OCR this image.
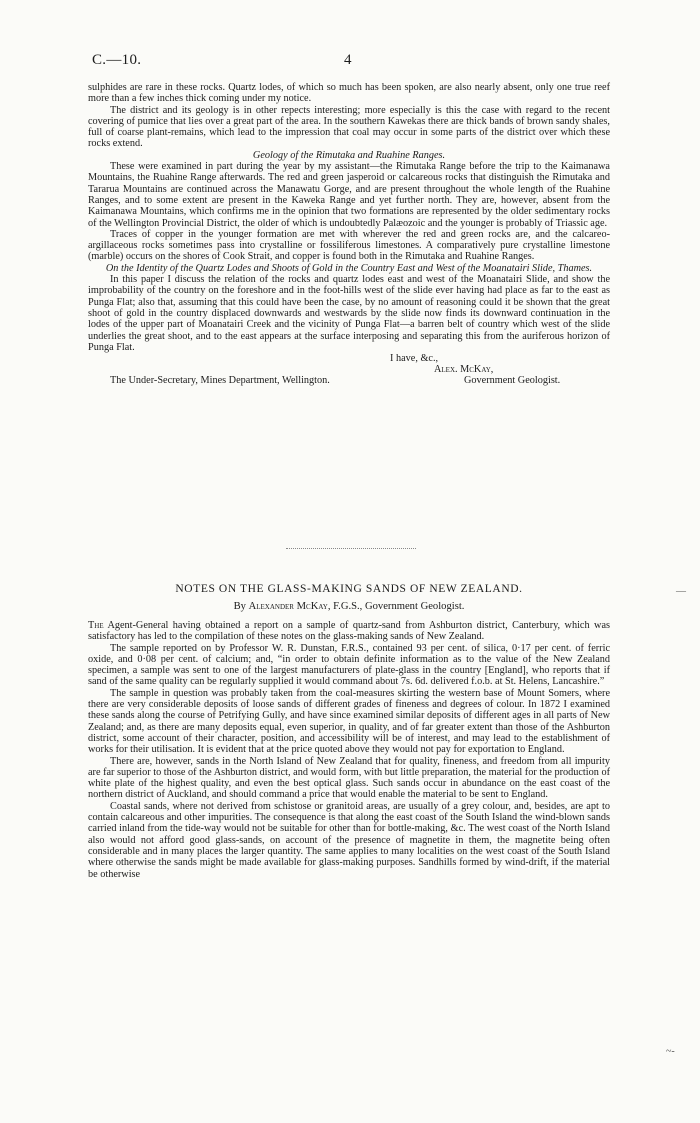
C.—10.	4

sulphides are rare in these rocks. Quartz lodes, of which so much has been spoken, are also nearly absent, only one true reef more than a few inches thick coming under my notice.

The district and its geology is in other repects interesting; more especially is this the case with regard to the recent covering of pumice that lies over a great part of the area. In the southern Kawekas there are thick bands of brown sandy shales, full of coarse plant-remains, which lead to the impression that coal may occur in some parts of the district over which these rocks extend.

Geology of the Rimutaka and Ruahine Ranges.

These were examined in part during the year by my assistant—the Rimutaka Range before the trip to the Kaimanawa Mountains, the Ruahine Range afterwards. The red and green jasperoid or calcareous rocks that distinguish the Rimutaka and Tararua Mountains are continued across the Manawatu Gorge, and are present throughout the whole length of the Ruahine Ranges, and to some extent are present in the Kaweka Range and yet further north. They are, however, absent from the Kaimanawa Mountains, which confirms me in the opinion that two formations are represented by the older sedimentary rocks of the Wellington Provincial District, the older of which is undoubtedly Palæozoic and the younger is probably of Triassic age.

Traces of copper in the younger formation are met with wherever the red and green rocks are, and the calcareo-argillaceous rocks sometimes pass into crystalline or fossiliferous limestones. A comparatively pure crystalline limestone (marble) occurs on the shores of Cook Strait, and copper is found both in the Rimutaka and Ruahine Ranges.

On the Identity of the Quartz Lodes and Shoots of Gold in the Country East and West of the Moanatairi Slide, Thames.

In this paper I discuss the relation of the rocks and quartz lodes east and west of the Moanatairi Slide, and show the improbability of the country on the foreshore and in the foot-hills west of the slide ever having had place as far to the east as Punga Flat; also that, assuming that this could have been the case, by no amount of reasoning could it be shown that the great shoot of gold in the country displaced downwards and westwards by the slide now finds its downward continuation in the lodes of the upper part of Moanatairi Creek and the vicinity of Punga Flat—a barren belt of country which west of the slide underlies the great shoot, and to the east appears at the surface interposing and separating this from the auriferous horizon of Punga Flat.

I have, &c.,
Alex. McKay,
The Under-Secretary, Mines Department, Wellington.	Government Geologist.
NOTES ON THE GLASS-MAKING SANDS OF NEW ZEALAND.
By Alexander McKay, F.G.S., Government Geologist.

The Agent-General having obtained a report on a sample of quartz-sand from Ashburton district, Canterbury, which was satisfactory has led to the compilation of these notes on the glass-making sands of New Zealand.

The sample reported on by Professor W. R. Dunstan, F.R.S., contained 93 per cent. of silica, 0·17 per cent. of ferric oxide, and 0·08 per cent. of calcium; and, “in order to obtain definite information as to the value of the New Zealand specimen, a sample was sent to one of the largest manufacturers of plate-glass in the country [England], who reports that if sand of the same quality can be regularly supplied it would command about 7s. 6d. delivered f.o.b. at St. Helens, Lancashire.”

The sample in question was probably taken from the coal-measures skirting the western base of Mount Somers, where there are very considerable deposits of loose sands of different grades of fineness and degrees of colour. In 1872 I examined these sands along the course of Petrifying Gully, and have since examined similar deposits of different ages in all parts of New Zealand; and, as there are many deposits equal, even superior, in quality, and of far greater extent than those of the Ashburton district, some account of their character, position, and accessibility will be of interest, and may lead to the establishment of works for their utilisation. It is evident that at the price quoted above they would not pay for exportation to England.

There are, however, sands in the North Island of New Zealand that for quality, fineness, and freedom from all impurity are far superior to those of the Ashburton district, and would form, with but little preparation, the material for the production of white plate of the highest quality, and even the best optical glass. Such sands occur in abundance on the east coast of the northern district of Auckland, and should command a price that would enable the material to be sent to England.

Coastal sands, where not derived from schistose or granitoid areas, are usually of a grey colour, and, besides, are apt to contain calcareous and other impurities. The consequence is that along the east coast of the South Island the wind-blown sands carried inland from the tide-way would not be suitable for other than for bottle-making, &c. The west coast of the North Island also would not afford good glass-sands, on account of the presence of magnetite in them, the magnetite being often considerable and in many places the larger quantity. The same applies to many localities on the west coast of the South Island where otherwise the sands might be made available for glass-making purposes. Sandhills formed by wind-drift, if the material be otherwise

—
~-
